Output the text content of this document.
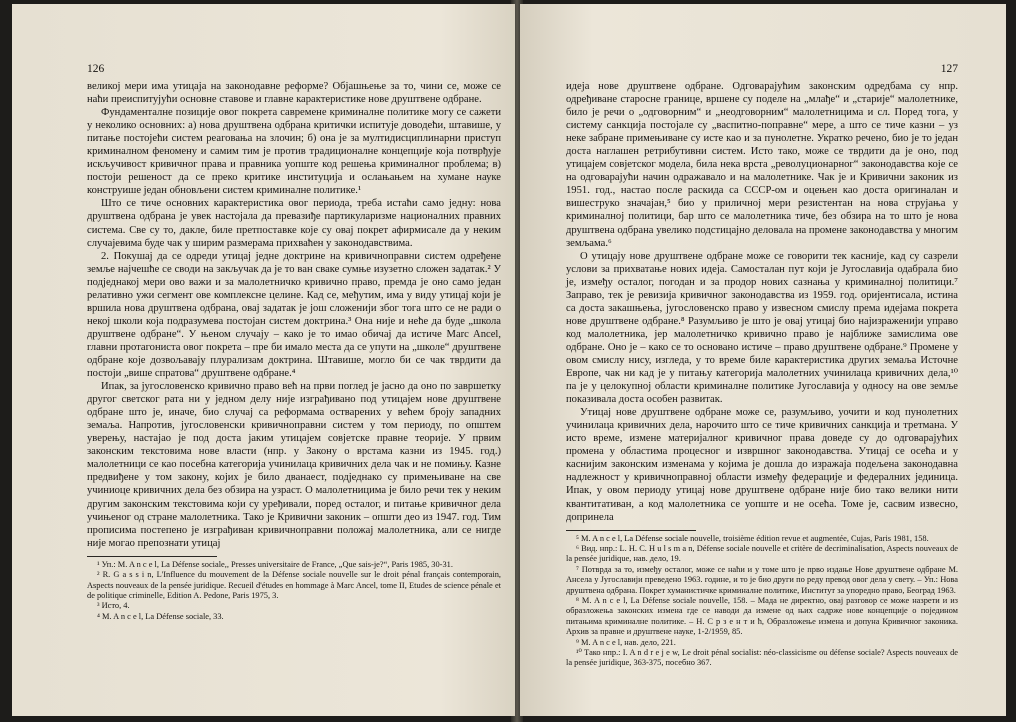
126

великој мери има утицаја на законодавне реформе? Објашњење за то, чини се, може се наћи преиспитујући основне ставове и главне карактеристике нове друштвене одбране.

Фундаменталне позиције овог покрета савремене криминалне политике могу се сажети у неколико основних: а) нова друштвена одбрана критички испитује доводећи, штавише, у питање постојећи систем реаговања на злочин; б) она је за мултидисциплинарни приступ криминалном феномену и самим тим је против традиционалне концепције која потврђује искључивост кривичног права и правника уопште код решења криминалног проблема; в) постоји решеност да се преко критике институција и ослањањем на хумане науке конструише један обновљени систем криминалне политике.¹

Што се тиче основних карактеристика овог периода, треба истаћи само једну: нова друштвена одбрана је увек настојала да превазиђе партикуларизме националних правних система. Све су то, дакле, биле претпоставке које су овај покрет афирмисале да у неким случајевима буде чак у ширим размерама прихваћен у законодавствима.

2. Покушај да се одреди утицај једне доктрине на кривичноправни систем одређене земље најчешће се своди на закључак да је то ван сваке сумње изузетно сложен задатак.² У подједнакој мери ово важи и за малолетничко кривично право, премда је оно само један релативно ужи сегмент ове комплексне целине. Кад се, међутим, има у виду утицај који је вршила нова друштвена одбрана, овај задатак је још сложенији због тога што се не ради о некој школи која подразумева постојан систем доктрина.³ Она није и неће да буде „школа друштвене одбране“. У њеном случају – како је то имао обичај да истиче Marc Ancel, главни протагониста овог покрета – пре би имало места да се упути на „школе“ друштвене одбране које дозвољавају плурализам доктрина. Штавише, могло би се чак тврдити да постоји „више спратова“ друштвене одбране.⁴

Ипак, за југословенско кривично право већ на први поглед је јасно да оно по завршетку другог светског рата ни у једном делу није изграђивано под утицајем нове друштвене одбране што је, иначе, био случај са реформама остварених у већем броју западних земаља. Напротив, југословенски кривичноправни систем у том периоду, по општем уверењу, настајао је под доста јаким утицајем совјетске правне теорије. У првим законским текстовима нове власти (нпр. у Закону о врстама казни из 1945. год.) малолетници се као посебна категорија учинилаца кривичних дела чак и не помињу. Казне предвиђене у том закону, којих је било дванаест, подједнако су примењиване на све учиниоце кривичних дела без обзира на узраст. О малолетницима је било речи тек у неким другим законским текстовима који су уређивали, поред осталог, и питање кривичног дела учињеног од стране малолетника. Тако је Кривични законик – општи део из 1947. год. Тим прописима постепено је изграђиван кривичноправни положај малолетника, али се нигде није могао препознати утицај

¹ Уп.: M. A n c e l, La Défense sociale,, Presses universitaire de France, „Que sais-je?“, Paris 1985, 30-31.

² R. G a s s i n, L'Influence du mouvement de la Défense sociale nouvelle sur le droit pénal français contemporain, Aspects nouveaux de la pensée juridique. Recueil d'études en hommage à Marc Ancel, tome II, Etudes de science pénale et de politique criminelle, Edition A. Pedone, Paris 1975, 3.

³ Исто, 4.

⁴ M. A n c e l, La Défense sociale, 33.

127

идеја нове друштвене одбране. Одговарајућим законским одредбама су нпр. одређиване старосне границе, вршене су поделе на „млађе“ и „старије“ малолетнике, било је речи о „одговорним“ и „неодговорним“ малолетницима и сл. Поред тога, у систему санкција постојале су „васпитно-поправне“ мере, а што се тиче казни – уз неке забране примењиване су исте као и за пунолетне. Укратко речено, био је то један доста наглашен ретрибутивни систем. Исто тако, може се тврдити да је оно, под утицајем совјетског модела, била нека врста „револуционарног“ законодавства које се на одговарајући начин одражавало и на малолетнике. Чак је и Кривични законик из 1951. год., настао после раскида са СССР-ом и оцењен као доста оригиналан и вишеструко значајан,⁵ био у приличној мери резистентан на нова струјања у криминалној политици, бар што се малолетника тиче, без обзира на то што је нова друштвена одбрана увелико подстицајно деловала на промене законодавства у многим земљама.⁶

О утицају нове друштвене одбране може се говорити тек касније, кад су сазрели услови за прихватање нових идеја. Самосталан пут који је Југославија одабрала био је, између осталог, погодан и за продор нових сазнања у криминалној политици.⁷ Заправо, тек је ревизија кривичног законодавства из 1959. год. оријентисала, истина са доста закашњења, југословенско право у извесном смислу према идејама покрета нове друштвене одбране.⁸ Разумљиво је што је овај утицај био најизраженији управо код малолетника, јер малолетничко кривично право је најближе замислима ове одбране. Оно је – како се то основано истиче – право друштвене одбране.⁹ Промене у овом смислу нису, изгледа, у то време биле карактеристика других земаља Источне Европе, чак ни кад је у питању категорија малолетних учинилаца кривичних дела,¹⁰ па је у целокупној области криминалне политике Југославија у односу на ове земље показивала доста особен развитак.

Утицај нове друштвене одбране може се, разумљиво, уочити и код пунолетних учинилаца кривичних дела, нарочито што се тиче кривичних санкција и третмана. У исто време, измене материјалног кривичног права доведе су до одговарајућих промена у областима процесног и извршног законодавства. Утицај се осећа и у каснијим законским изменама у којима је дошла до изражаја подељена законодавна надлежност у кривичноправној области између федерације и федералних јединица. Ипак, у овом периоду утицај нове друштвене одбране није био тако велики нити квантитативан, а код малолетника се уопште и не осећа. Томе је, сасвим извесно, допринела

⁵ M. A n c e l, La Défense sociale nouvelle, troisième édition revue et augmentée, Cujas, Paris 1981, 158.

⁶ Вид. нпр.: L. H. C. H u l s m a n, Défense sociale nouvelle et critère de decriminalisation, Aspects nouveaux de la pensée juridique, нав. дело, 19.

⁷ Потврда за то, између осталог, може се наћи и у томе што је прво издање Нове друштвене одбране М. Ансела у Југославији преведено 1963. године, и то је био други по реду превод овог дела у свету. – Уп.: Нова друштвена одбрана. Покрет хуманистичке криминалне политике, Институт за упоредно право, Београд 1963.

⁸ M. A n c e l, La Défense sociale nouvelle, 158. – Мада не директно, овај разговор се може назрети и из образложења законских измена где се наводи да измене од њих садрже нове концепције о поједином питањима криминалне политике. – Н. С р з е н т и ћ, Образложење измена и допуна Кривичног законика. Архив за правне и друштвене науке, 1-2/1959, 85.

⁹ M. A n c e l, нав. дело, 221.

¹⁰ Тако нпр.: I. A n d r e j e w, Le droit pénal socialist: néo-classicisme ou défense sociale? Aspects nouveaux de la pensée juridique, 363-375, посебно 367.
